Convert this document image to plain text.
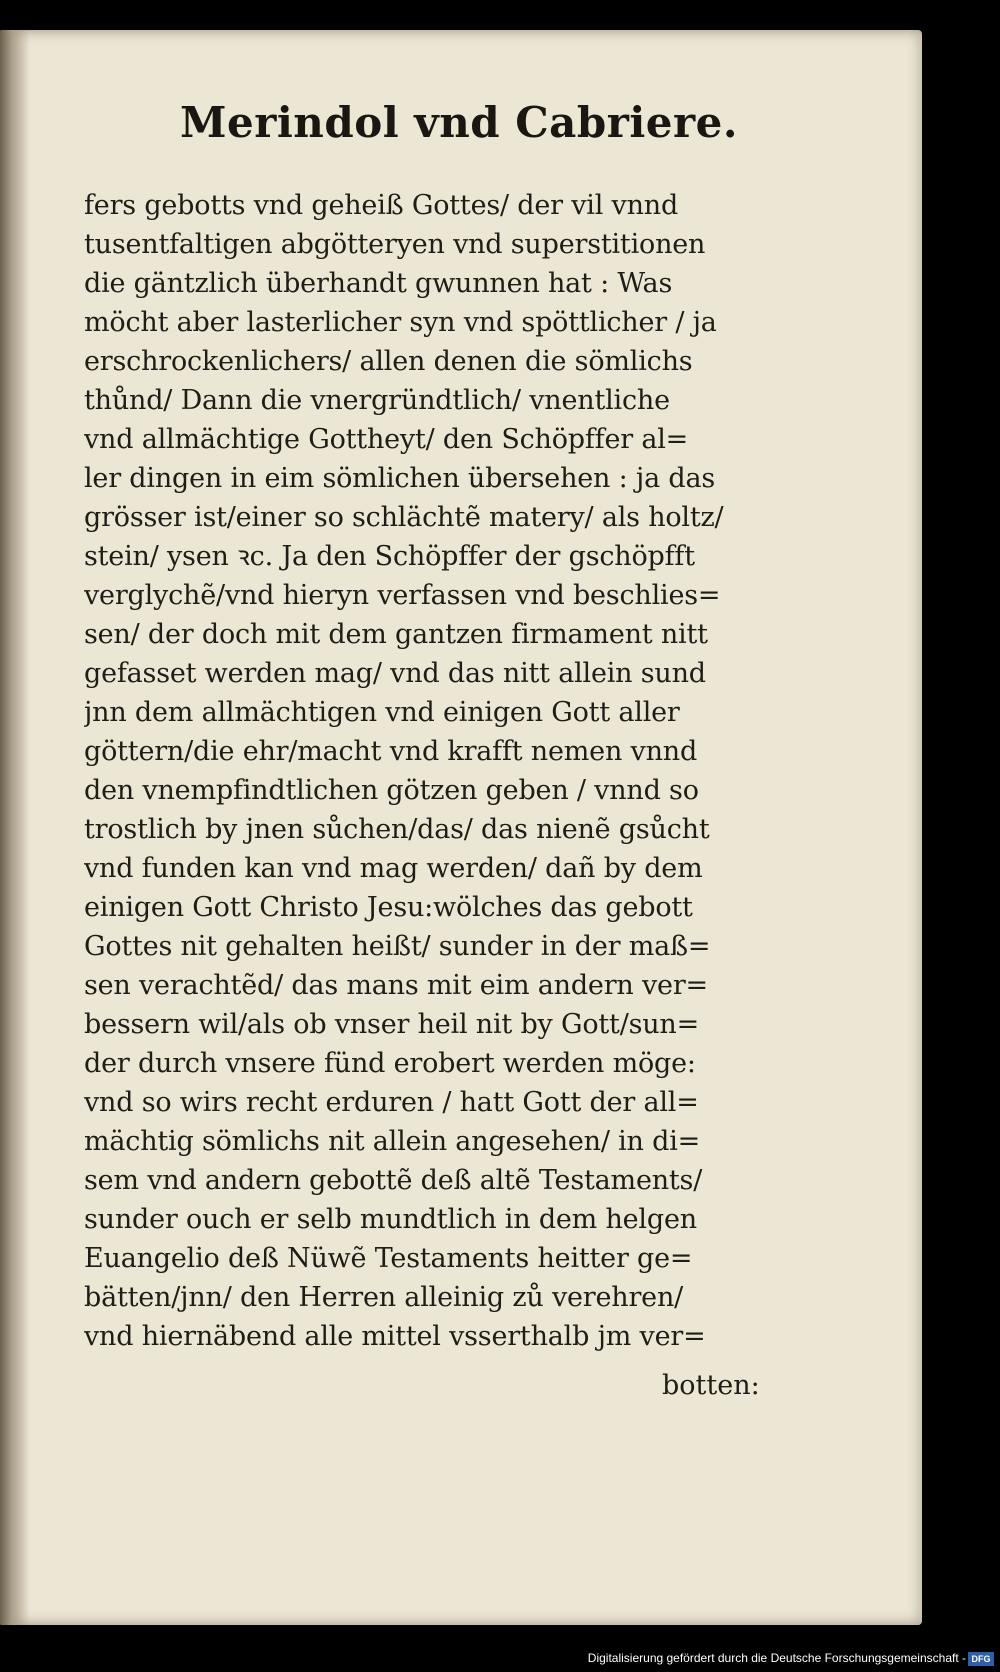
Merindol vnd Cabriere.
fers gebotts vnd geheiß Gottes/ der vil vnnd
tusentfaltigen abgötteryen vnd superstitionen
die gäntzlich überhandt gwunnen hat : Was
möcht aber lasterlicher syn vnd spöttlicher / ja
erschrockenlichers/ allen denen die sömlichs
thůnd/ Dann die vnergründtlich/ vnentliche
vnd allmächtige Gottheyt/ den Schöpffer al=
ler dingen in eim sömlichen übersehen : ja das
grösser ist/einer so schlächtẽ matery/ als holtz/
stein/ ysen ꝛc. Ja den Schöpffer der gschöpfft
verglychẽ/vnd hieryn verfassen vnd beschlies=
sen/ der doch mit dem gantzen firmament nitt
gefasset werden mag/ vnd das nitt allein sund
jnn dem allmächtigen vnd einigen Gott aller
göttern/die ehr/macht vnd krafft nemen vnnd
den vnempfindtlichen götzen geben / vnnd so
trostlich by jnen sůchen/das/ das nienẽ gsůcht
vnd funden kan vnd mag werden/ dañ by dem
einigen Gott Christo Jesu:wölches das gebott
Gottes nit gehalten heißt/ sunder in der maß=
sen verachtẽd/ das mans mit eim andern ver=
bessern wil/als ob vnser heil nit by Gott/sun=
der durch vnsere fünd erobert werden möge:
vnd so wirs recht erduren / hatt Gott der all=
mächtig sömlichs nit allein angesehen/ in di=
sem vnd andern gebottẽ deß altẽ Testaments/
sunder ouch er selb mundtlich in dem helgen
Euangelio deß Nüwẽ Testaments heitter ge=
bätten/jnn/ den Herren alleinig zů verehren/
vnd hiernäbend alle mittel vsserthalb jm ver=
botten:
Digitalisierung gefördert durch die Deutsche Forschungsgemeinschaft - DFG
